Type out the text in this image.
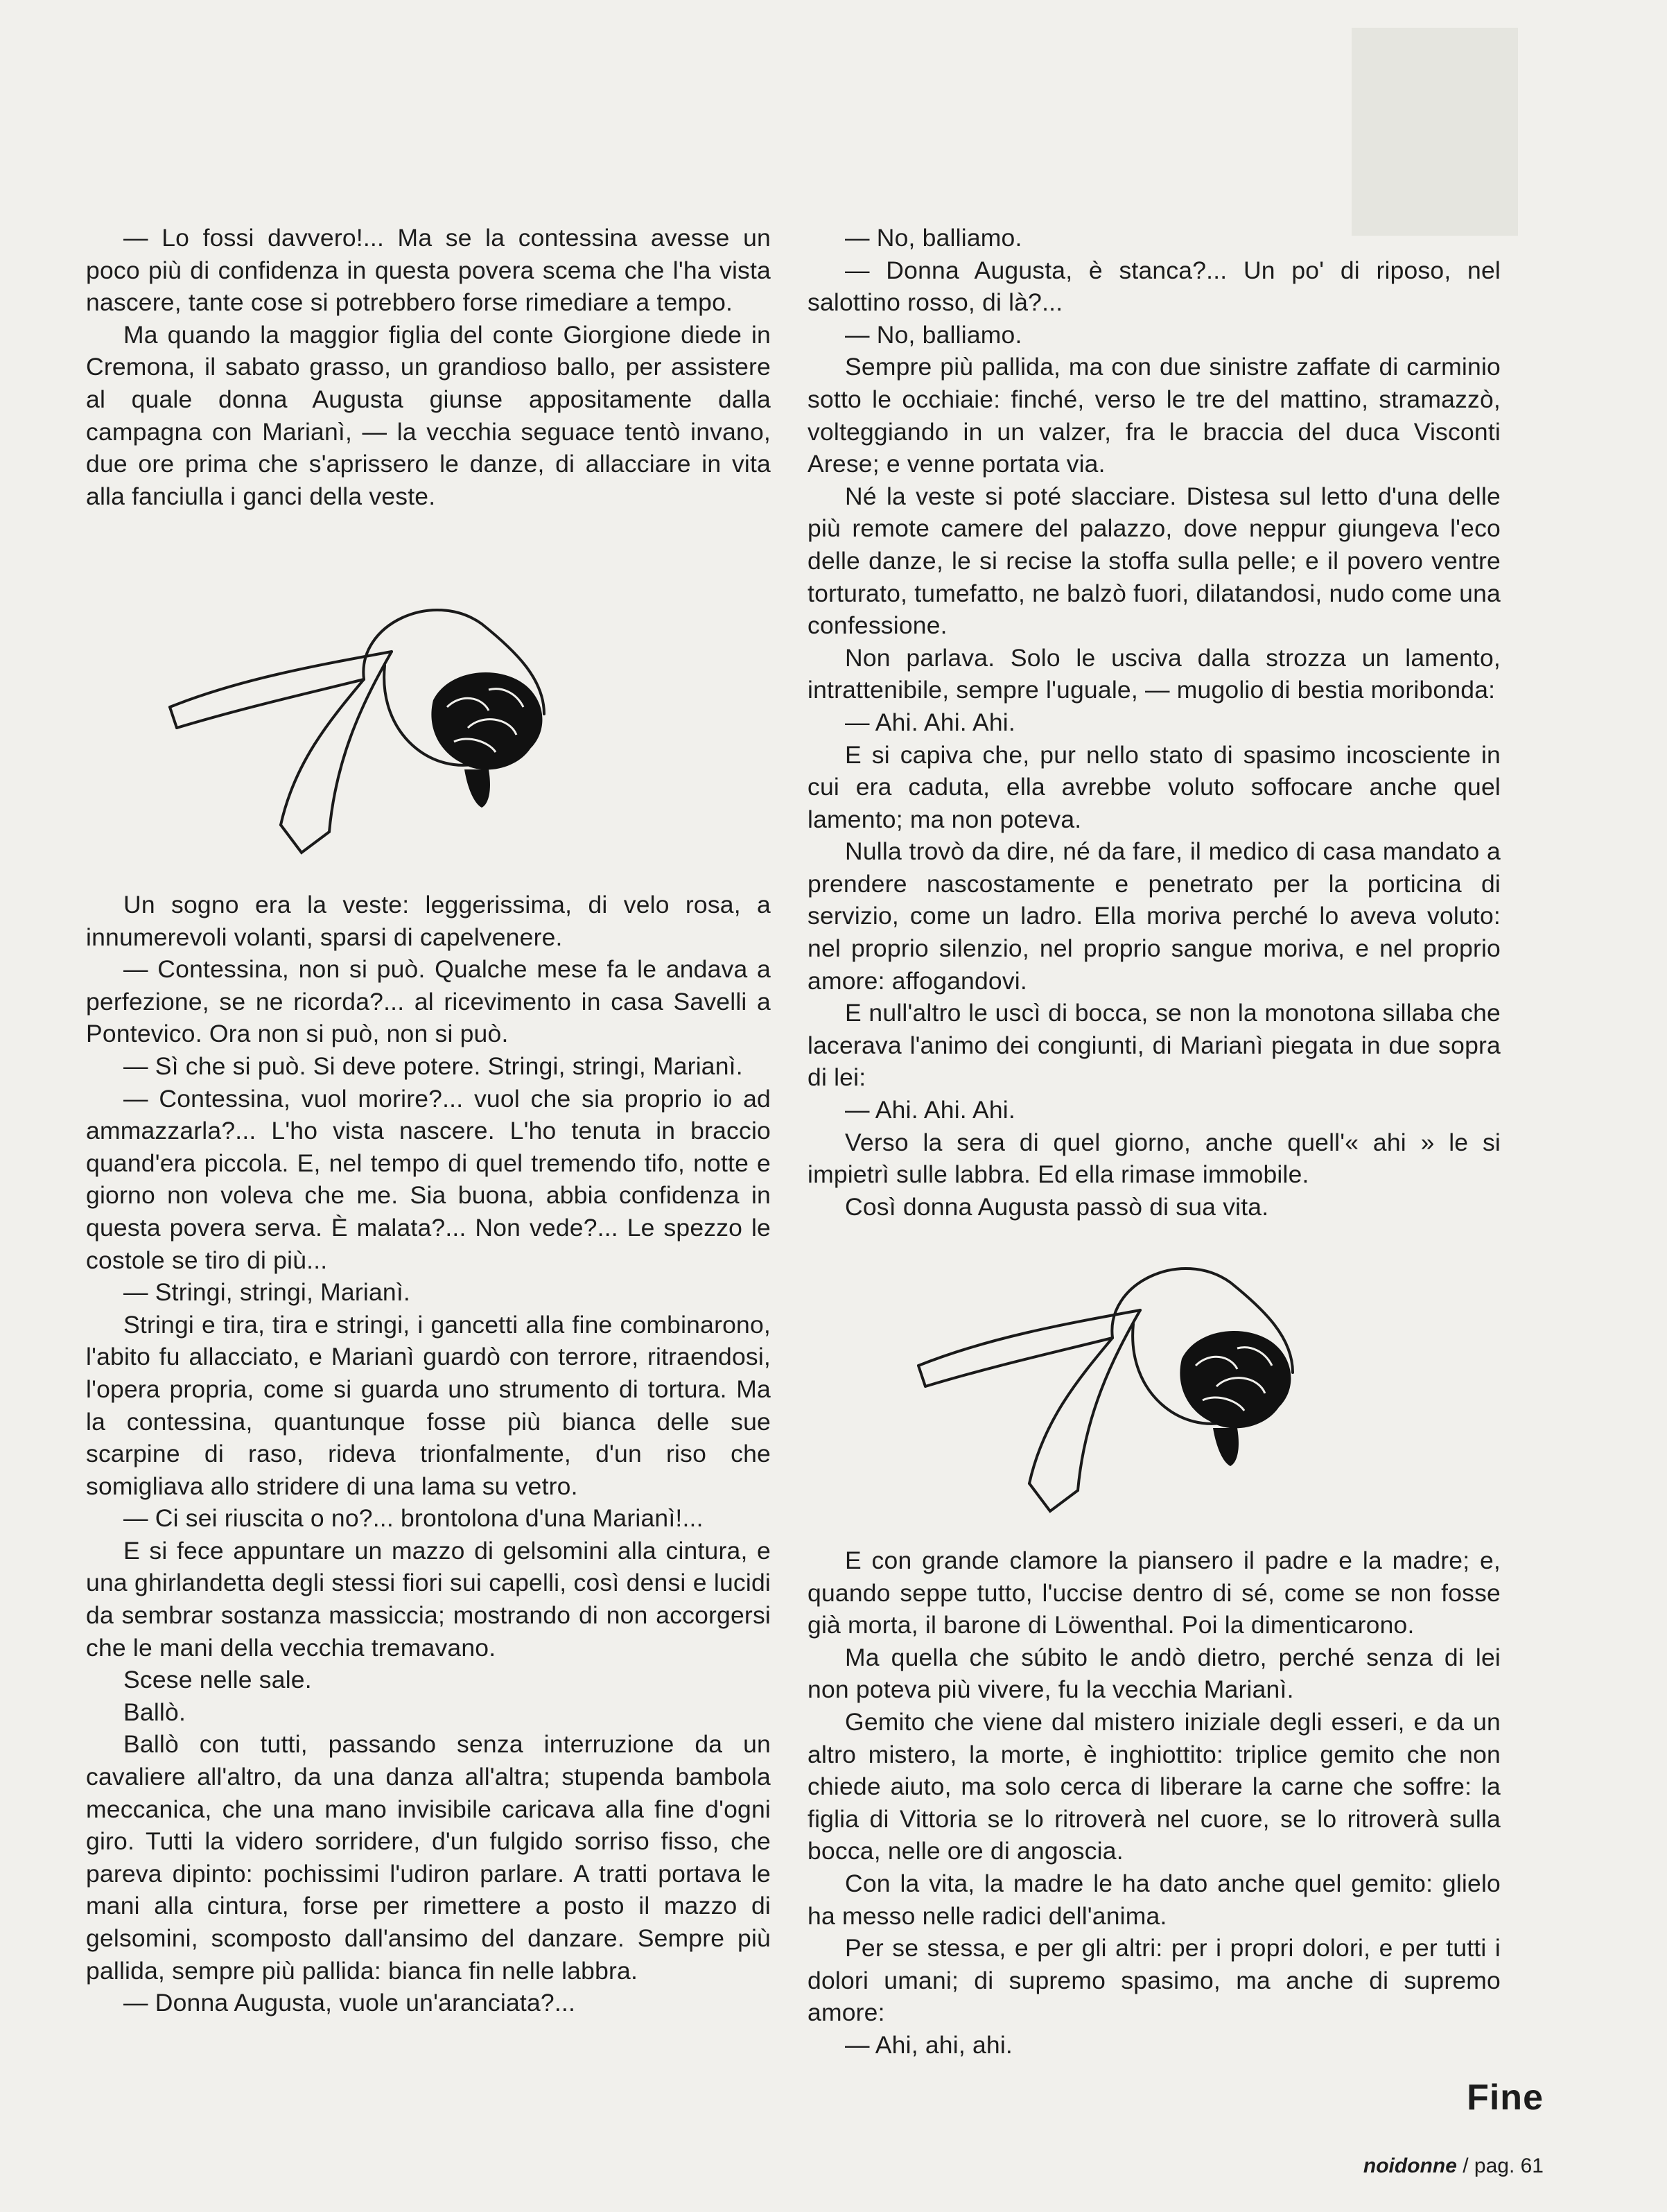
— Lo fossi davvero!... Ma se la contessina avesse un poco più di confidenza in questa povera scema che l'ha vista nascere, tante cose si potrebbero forse rimediare a tempo.

Ma quando la maggior figlia del conte Giorgione diede in Cremona, il sabato grasso, un grandioso ballo, per assistere al quale donna Augusta giunse appositamente dalla campagna con Marianì, — la vecchia seguace tentò invano, due ore prima che s'aprissero le danze, di allacciare in vita alla fanciulla i ganci della veste.

Un sogno era la veste: leggerissima, di velo rosa, a innumerevoli volanti, sparsi di capelvenere.

— Contessina, non si può. Qualche mese fa le andava a perfezione, se ne ricorda?... al ricevimento in casa Savelli a Pontevico. Ora non si può, non si può.

— Sì che si può. Si deve potere. Stringi, stringi, Marianì.

— Contessina, vuol morire?... vuol che sia proprio io ad ammazzarla?... L'ho vista nascere. L'ho tenuta in braccio quand'era piccola. E, nel tempo di quel tremendo tifo, notte e giorno non voleva che me. Sia buona, abbia confidenza in questa povera serva. È malata?... Non vede?... Le spezzo le costole se tiro di più...

— Stringi, stringi, Marianì.

Stringi e tira, tira e stringi, i gancetti alla fine combinarono, l'abito fu allacciato, e Marianì guardò con terrore, ritraendosi, l'opera propria, come si guarda uno strumento di tortura. Ma la contessina, quantunque fosse più bianca delle sue scarpine di raso, rideva trionfalmente, d'un riso che somigliava allo stridere di una lama su vetro.

— Ci sei riuscita o no?... brontolona d'una Marianì!...

E si fece appuntare un mazzo di gelsomini alla cintura, e una ghirlandetta degli stessi fiori sui capelli, così densi e lucidi da sembrar sostanza massiccia; mostrando di non accorgersi che le mani della vecchia tremavano.

Scese nelle sale.

Ballò.

Ballò con tutti, passando senza interruzione da un cavaliere all'altro, da una danza all'altra; stupenda bambola meccanica, che una mano invisibile caricava alla fine d'ogni giro. Tutti la videro sorridere, d'un fulgido sorriso fisso, che pareva dipinto: pochissimi l'udiron parlare. A tratti portava le mani alla cintura, forse per rimettere a posto il mazzo di gelsomini, scomposto dall'ansimo del danzare. Sempre più pallida, sempre più pallida: bianca fin nelle labbra.

— Donna Augusta, vuole un'aranciata?...

— No, balliamo.

— Donna Augusta, è stanca?... Un po' di riposo, nel salottino rosso, di là?...

— No, balliamo.

Sempre più pallida, ma con due sinistre zaffate di carminio sotto le occhiaie: finché, verso le tre del mattino, stramazzò, volteggiando in un valzer, fra le braccia del duca Visconti Arese; e venne portata via.

Né la veste si poté slacciare. Distesa sul letto d'una delle più remote camere del palazzo, dove neppur giungeva l'eco delle danze, le si recise la stoffa sulla pelle; e il povero ventre torturato, tumefatto, ne balzò fuori, dilatandosi, nudo come una confessione.

Non parlava. Solo le usciva dalla strozza un lamento, intrattenibile, sempre l'uguale, — mugolio di bestia moribonda:

— Ahi. Ahi. Ahi.

E si capiva che, pur nello stato di spasimo incosciente in cui era caduta, ella avrebbe voluto soffocare anche quel lamento; ma non poteva.

Nulla trovò da dire, né da fare, il medico di casa mandato a prendere nascostamente e penetrato per la porticina di servizio, come un ladro. Ella moriva perché lo aveva voluto: nel proprio silenzio, nel proprio sangue moriva, e nel proprio amore: affogandovi.

E null'altro le uscì di bocca, se non la monotona sillaba che lacerava l'animo dei congiunti, di Marianì piegata in due sopra di lei:

— Ahi. Ahi. Ahi.

Verso la sera di quel giorno, anche quell'« ahi » le si impietrì sulle labbra. Ed ella rimase immobile.

Così donna Augusta passò di sua vita.

E con grande clamore la piansero il padre e la madre; e, quando seppe tutto, l'uccise dentro di sé, come se non fosse già morta, il barone di Löwenthal. Poi la dimenticarono.

Ma quella che súbito le andò dietro, perché senza di lei non poteva più vivere, fu la vecchia Marianì.

Gemito che viene dal mistero iniziale degli esseri, e da un altro mistero, la morte, è inghiottito: triplice gemito che non chiede aiuto, ma solo cerca di liberare la carne che soffre: la figlia di Vittoria se lo ritroverà nel cuore, se lo ritroverà sulla bocca, nelle ore di angoscia.

Con la vita, la madre le ha dato anche quel gemito: glielo ha messo nelle radici dell'anima.

Per se stessa, e per gli altri: per i propri dolori, e per tutti i dolori umani; di supremo spasimo, ma anche di supremo amore:

— Ahi, ahi, ahi.

Fine
noidonne / pag. 61
